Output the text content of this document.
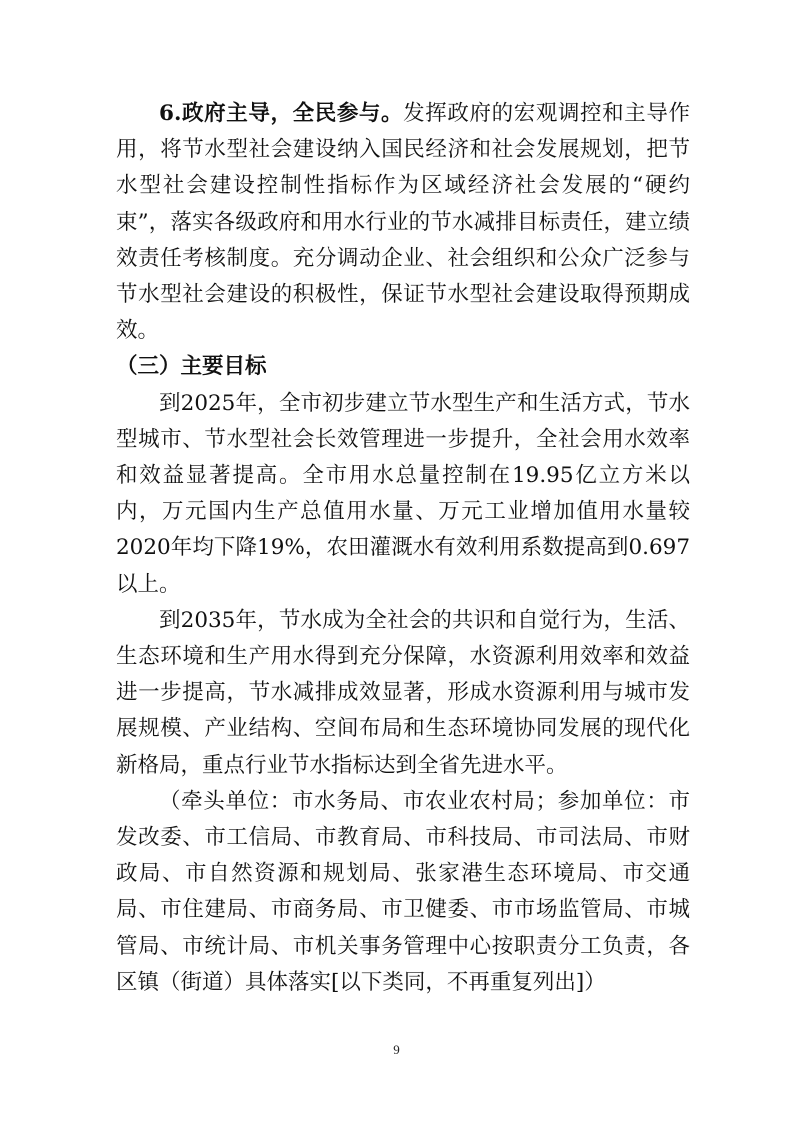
6.政府主导，全民参与。发挥政府的宏观调控和主导作用，将节水型社会建设纳入国民经济和社会发展规划，把节水型社会建设控制性指标作为区域经济社会发展的“硬约束”，落实各级政府和用水行业的节水减排目标责任，建立绩效责任考核制度。充分调动企业、社会组织和公众广泛参与节水型社会建设的积极性，保证节水型社会建设取得预期成效。

（三）主要目标

到2025年，全市初步建立节水型生产和生活方式，节水型城市、节水型社会长效管理进一步提升，全社会用水效率和效益显著提高。全市用水总量控制在19.95亿立方米以内，万元国内生产总值用水量、万元工业增加值用水量较2020年均下降19%，农田灌溉水有效利用系数提高到0.697以上。

到2035年，节水成为全社会的共识和自觉行为，生活、生态环境和生产用水得到充分保障，水资源利用效率和效益进一步提高，节水减排成效显著，形成水资源利用与城市发展规模、产业结构、空间布局和生态环境协同发展的现代化新格局，重点行业节水指标达到全省先进水平。

（牵头单位：市水务局、市农业农村局；参加单位：市发改委、市工信局、市教育局、市科技局、市司法局、市财政局、市自然资源和规划局、张家港生态环境局、市交通局、市住建局、市商务局、市卫健委、市市场监管局、市城管局、市统计局、市机关事务管理中心按职责分工负责，各区镇（街道）具体落实[以下类同，不再重复列出]）

9
